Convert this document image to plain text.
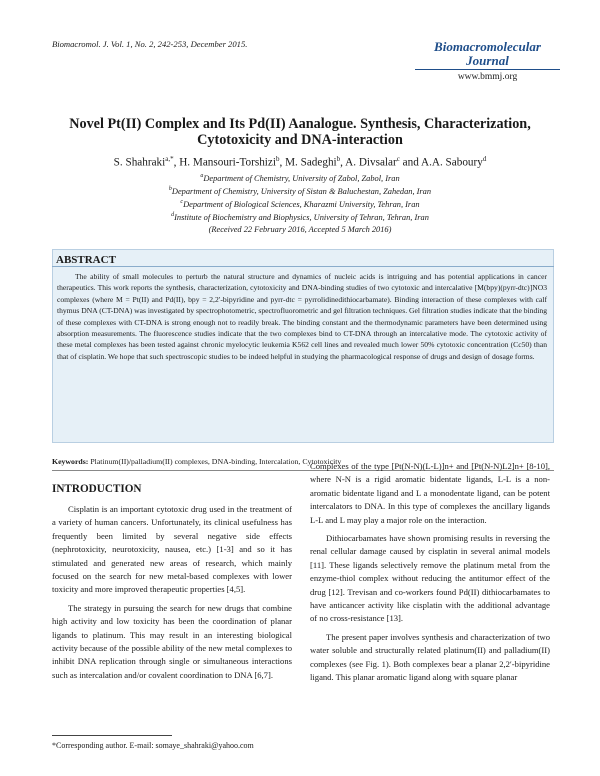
Biomacromol. J. Vol. 1, No. 2, 242-253, December 2015.	Biomacromolecular
Journal
www.bmmj.org
Novel Pt(II) Complex and Its Pd(II) Aanalogue. Synthesis, Characterization, Cytotoxicity and DNA-interaction
S. Shahraki$^{a,*}$, H. Mansouri-Torshizi$^b$, M. Sadeghi$^b$, A. Divsalar$^c$ and A.A. Saboury$^d$
$^a$Department of Chemistry, University of Zabol, Zabol, Iran
$^b$Department of Chemistry, University of Sistan & Baluchestan, Zahedan, Iran
$^c$Department of Biological Sciences, Kharazmi University, Tehran, Iran
$^d$Institute of Biochemistry and Biophysics, University of Tehran, Tehran, Iran
(Received 22 February 2016, Accepted 5 March 2016)
ABSTRACT
The ability of small molecules to perturb the natural structure and dynamics of nucleic acids is intriguing and has potential applications in cancer therapeutics. This work reports the synthesis, characterization, cytotoxicity and DNA-binding studies of two cytotoxic and intercalative [M(bpy)(pyrr-dtc)]NO3 complexes (where M = Pt(II) and Pd(II), bpy = 2,2′-bipyridine and pyrr-dtc = pyrrolidinedithiocarbamate). Binding interaction of these complexes with calf thymus DNA (CT-DNA) was investigated by spectrophotometric, spectrofluorometric and gel filtration techniques. Gel filtration studies indicate that the binding of these complexes with CT-DNA is strong enough not to readily break. The binding constant and the thermodynamic parameters have been determined using absorption measurements. The fluorescence studies indicate that the two complexes bind to CT-DNA through an intercalative mode. The cytotoxic activity of these metal complexes has been tested against chronic myelocytic leukemia K562 cell lines and revealed much lower 50% cytotoxic concentration (Cc50) than that of cisplatin. We hope that such spectroscopic studies to be indeed helpful in studying the pharmacological response of drugs and design of dosage forms.
Keywords: Platinum(II)/palladium(II) complexes, DNA-binding, Intercalation, Cytotoxicity
INTRODUCTION

Cisplatin is an important cytotoxic drug used in the treatment of a variety of human cancers. Unfortunately, its clinical usefulness has frequently been limited by several negative side effects (nephrotoxicity, neurotoxicity, nausea, etc.) [1-3] and so it has stimulated and generated new areas of research, which mainly focused on the search for new metal-based complexes with lower toxicity and more improved therapeutic properties [4,5].

The strategy in pursuing the search for new drugs that combine high activity and low toxicity has been the coordination of planar ligands to platinum. This may result in an interesting biological activity because of the possible ability of the new metal complexes to inhibit DNA replication through single or simultaneous interactions such as intercalation and/or covalent coordination to DNA [6,7].

Complexes of the type [Pt(N-N)(L-L)]n+ and [Pt(N-N)L2]n+ [8-10], where N-N is a rigid aromatic bidentate ligands, L-L is a non-aromatic bidentate ligand and L a monodentate ligand, can be potent intercalators to DNA. In this type of complexes the ancillary ligands L-L and L may play a major role on the interaction.

Dithiocarbamates have shown promising results in reversing the renal cellular damage caused by cisplatin in several animal models [11]. These ligands selectively remove the platinum metal from the enzyme-thiol complex without reducing the antitumor effect of the drug [12]. Trevisan and co-workers found Pd(II) dithiocarbamates to have anticancer activity like cisplatin with the additional advantage of no cross-resistance [13].

The present paper involves synthesis and characterization of two water soluble and structurally related platinum(II) and palladium(II) complexes (see Fig. 1). Both complexes bear a planar 2,2′-bipyridine ligand. This planar aromatic ligand along with square planar

*Corresponding author. E-mail: somaye_shahraki@yahoo.com
